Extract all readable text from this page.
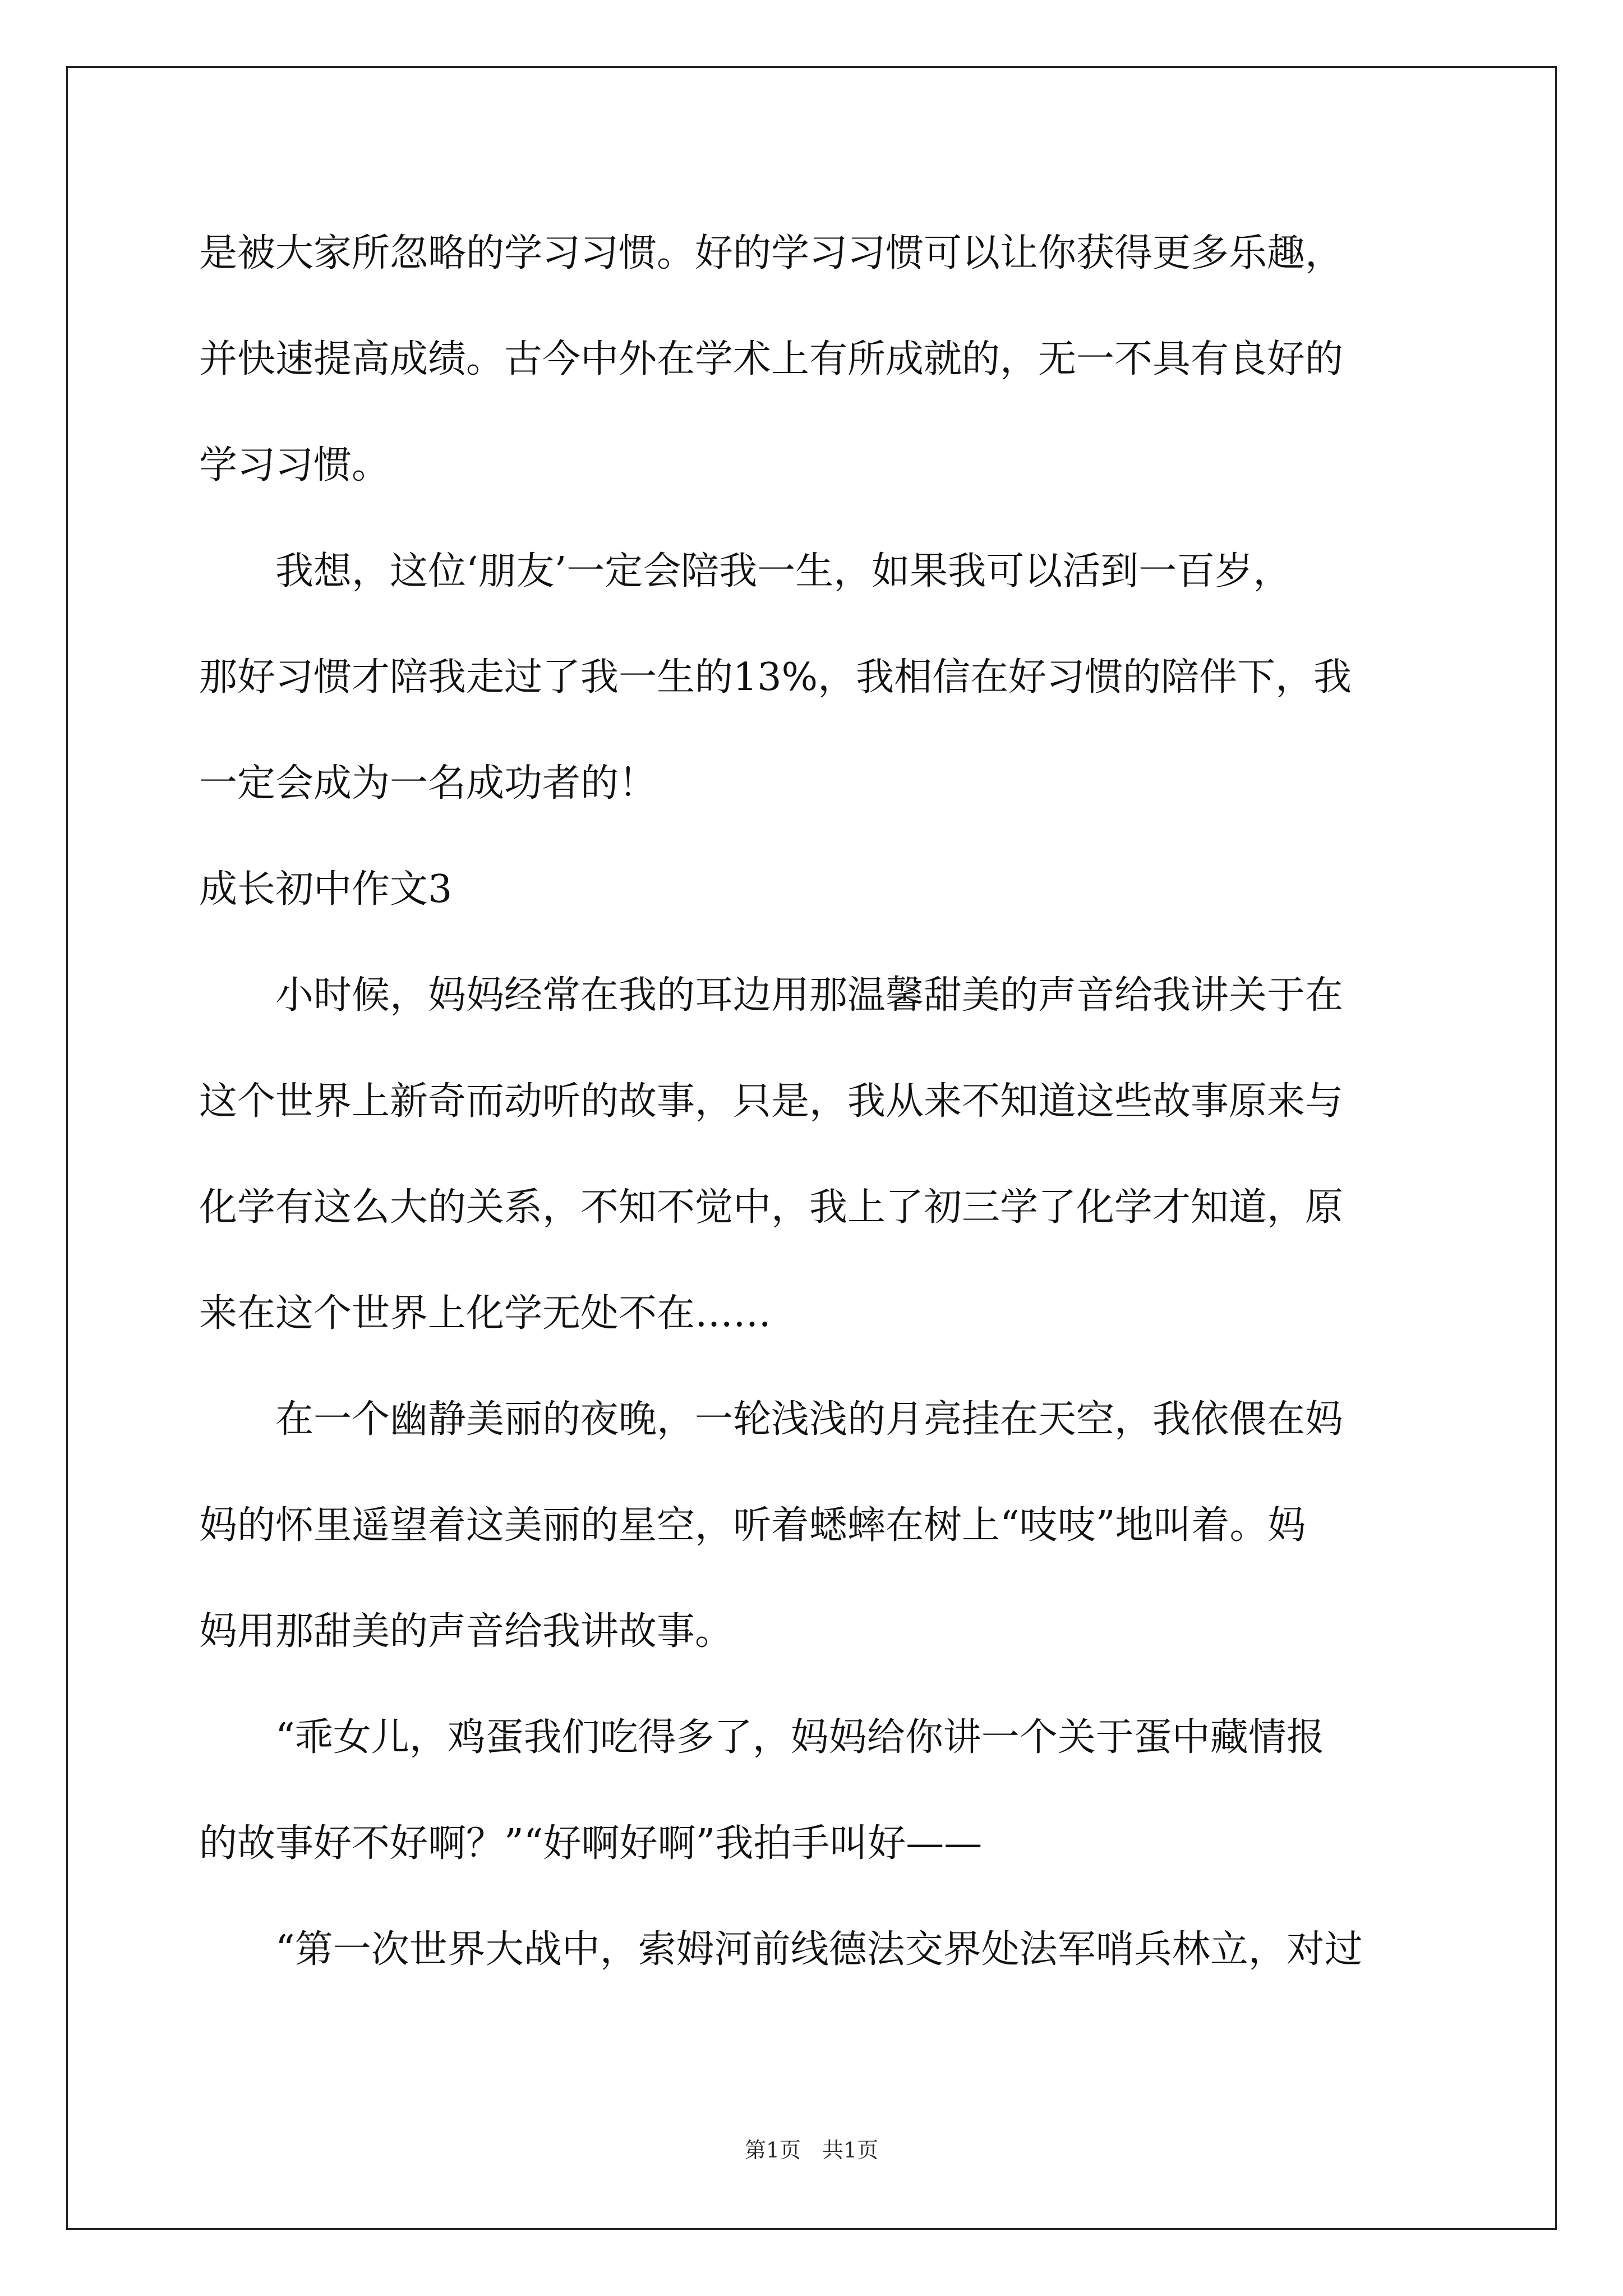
是被大家所忽略的学习习惯。好的学习习惯可以让你获得更多乐趣，
并快速提高成绩。古今中外在学术上有所成就的，无一不具有良好的
学习习惯。
　　我想，这位‘朋友’一定会陪我一生，如果我可以活到一百岁，
那好习惯才陪我走过了我一生的13%，我相信在好习惯的陪伴下，我
一定会成为一名成功者的！
成长初中作文3
　　小时候，妈妈经常在我的耳边用那温馨甜美的声音给我讲关于在
这个世界上新奇而动听的故事，只是，我从来不知道这些故事原来与
化学有这么大的关系，不知不觉中，我上了初三学了化学才知道，原
来在这个世界上化学无处不在……
　　在一个幽静美丽的夜晚，一轮浅浅的月亮挂在天空，我依偎在妈
妈的怀里遥望着这美丽的星空，听着蟋蟀在树上“吱吱”地叫着。妈
妈用那甜美的声音给我讲故事。
　　“乖女儿，鸡蛋我们吃得多了，妈妈给你讲一个关于蛋中藏情报
的故事好不好啊？”“好啊好啊”我拍手叫好——
　　“第一次世界大战中，索姆河前线德法交界处法军哨兵林立，对过
第1页　共1页
